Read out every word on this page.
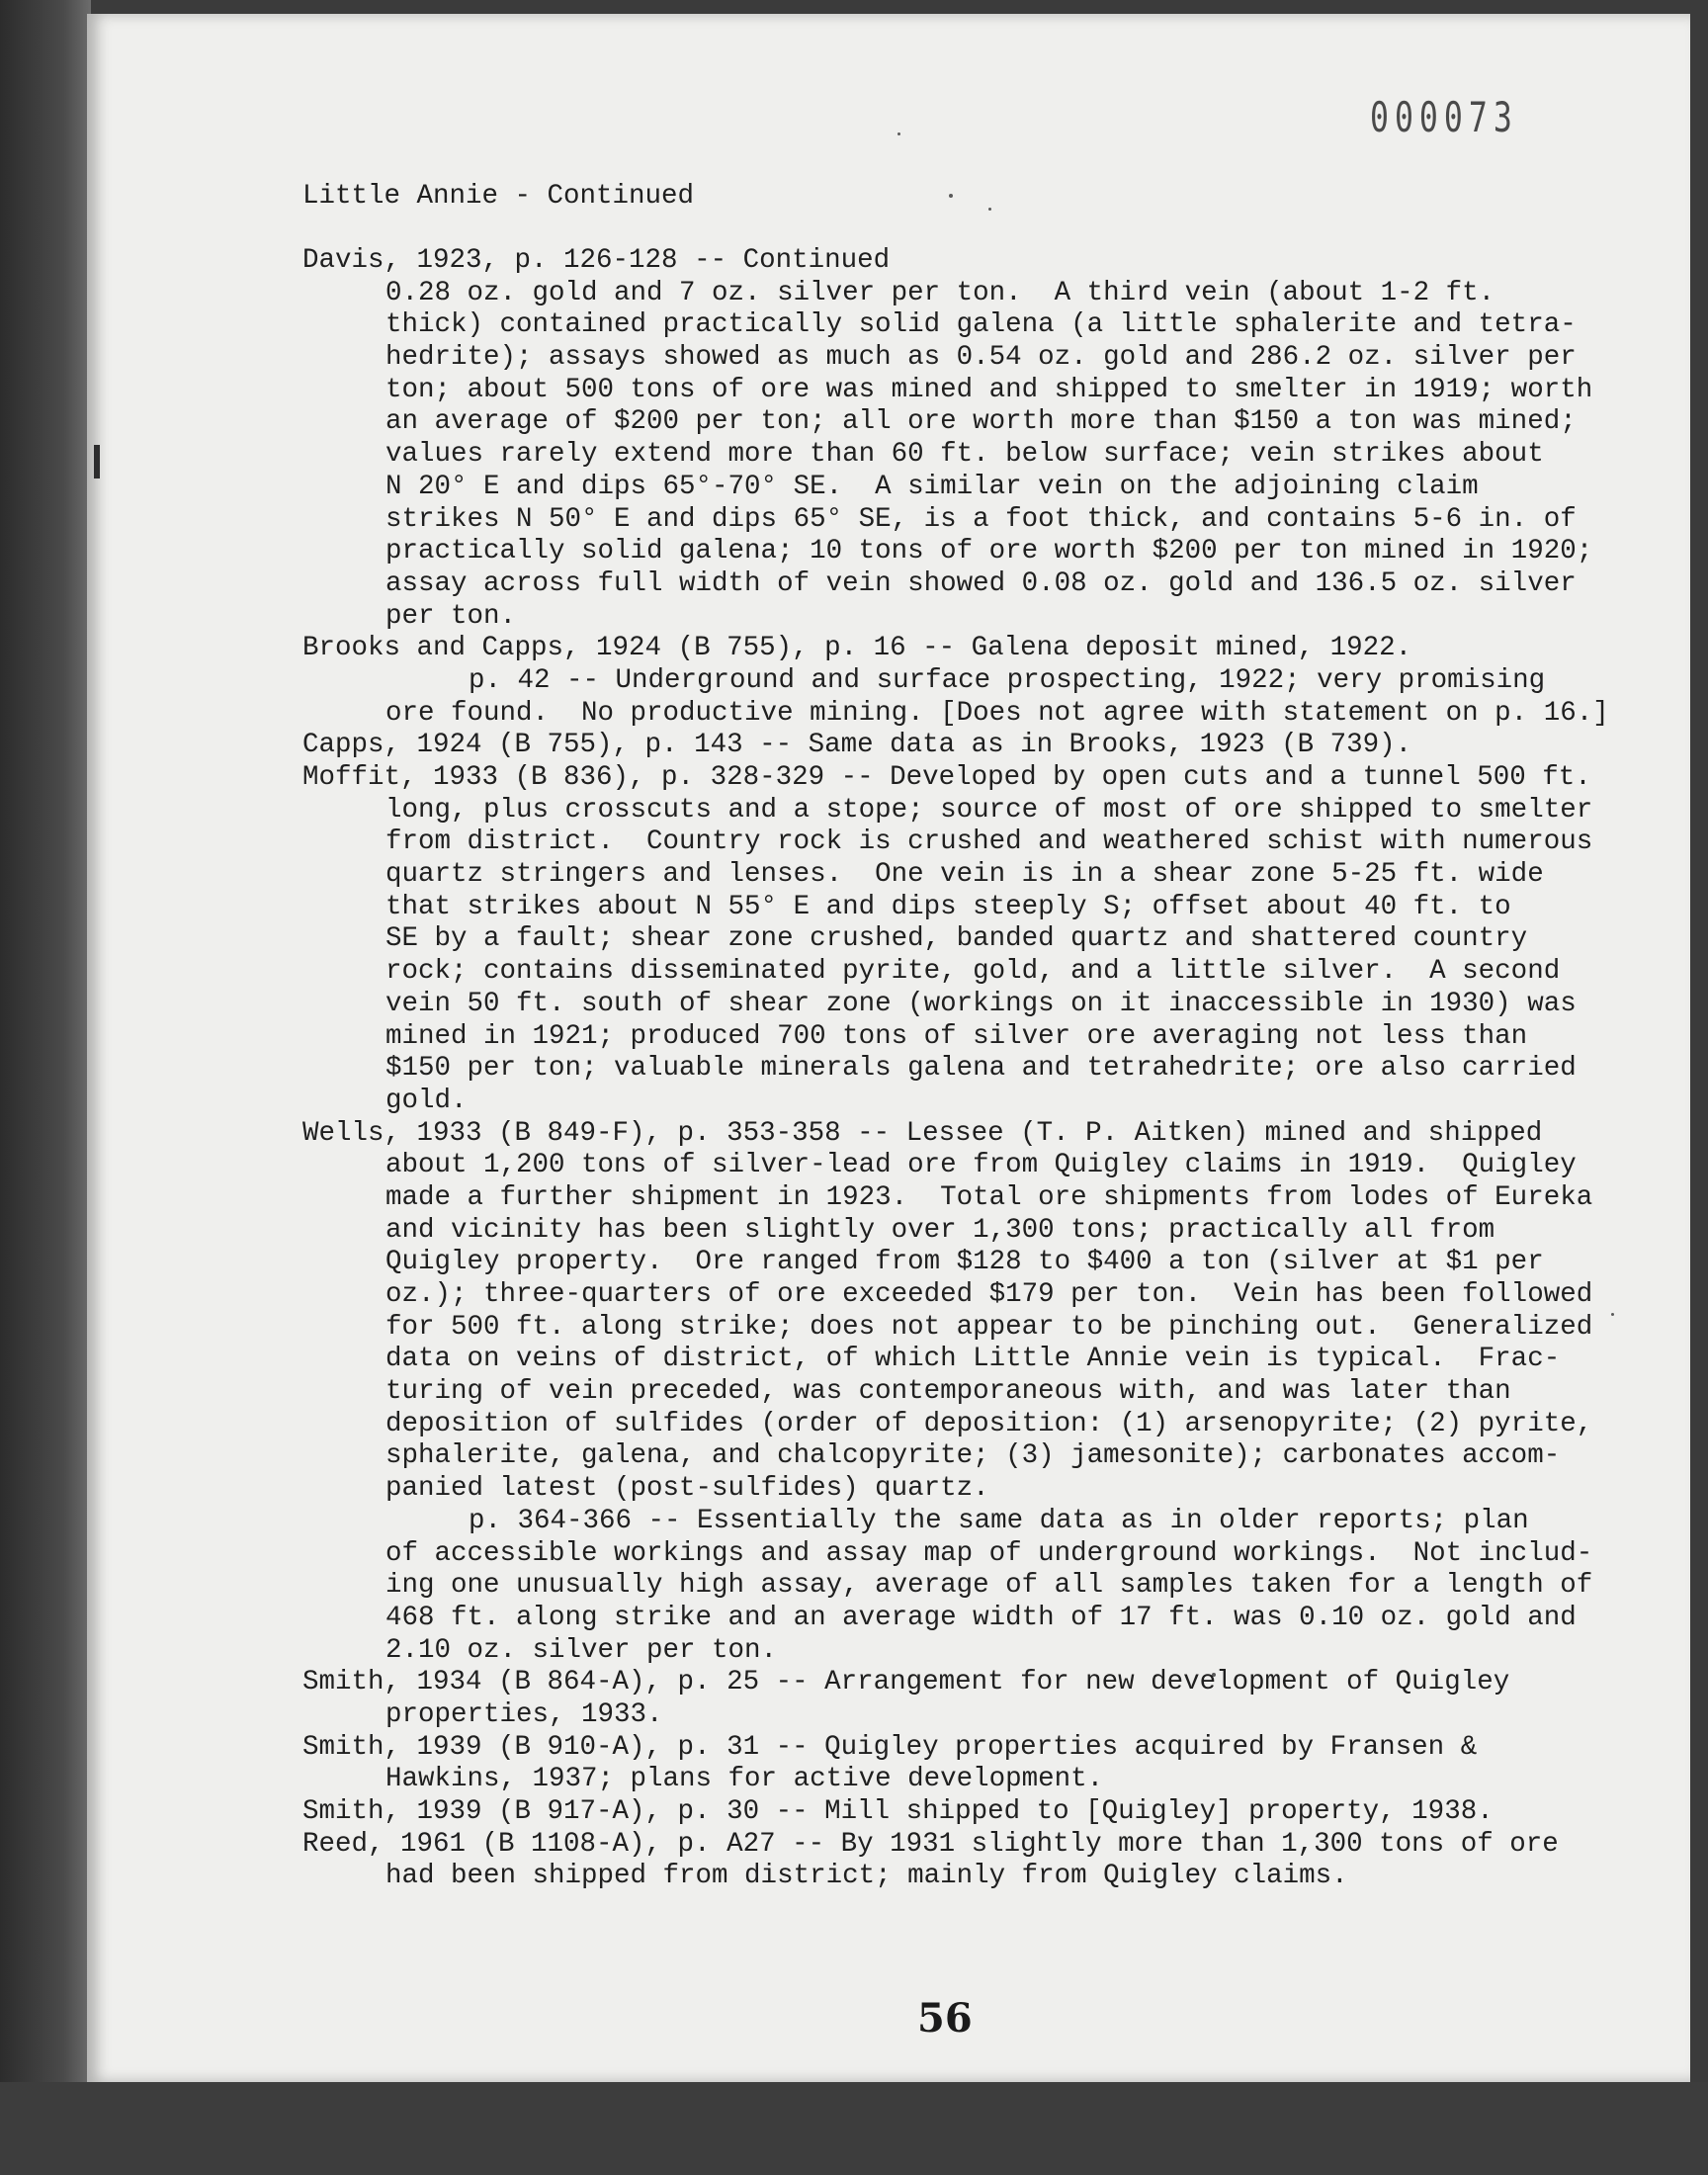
000073
Little Annie - Continued
Davis, 1923, p. 126-128 -- Continued
0.28 oz. gold and 7 oz. silver per ton.  A third vein (about 1-2 ft.
thick) contained practically solid galena (a little sphalerite and tetra-
hedrite); assays showed as much as 0.54 oz. gold and 286.2 oz. silver per
ton; about 500 tons of ore was mined and shipped to smelter in 1919; worth
an average of $200 per ton; all ore worth more than $150 a ton was mined;
values rarely extend more than 60 ft. below surface; vein strikes about
N 20° E and dips 65°-70° SE.  A similar vein on the adjoining claim
strikes N 50° E and dips 65° SE, is a foot thick, and contains 5-6 in. of
practically solid galena; 10 tons of ore worth $200 per ton mined in 1920;
assay across full width of vein showed 0.08 oz. gold and 136.5 oz. silver
per ton.
Brooks and Capps, 1924 (B 755), p. 16 -- Galena deposit mined, 1922.
p. 42 -- Underground and surface prospecting, 1922; very promising
ore found.  No productive mining. [Does not agree with statement on p. 16.]
Capps, 1924 (B 755), p. 143 -- Same data as in Brooks, 1923 (B 739).
Moffit, 1933 (B 836), p. 328-329 -- Developed by open cuts and a tunnel 500 ft.
long, plus crosscuts and a stope; source of most of ore shipped to smelter
from district.  Country rock is crushed and weathered schist with numerous
quartz stringers and lenses.  One vein is in a shear zone 5-25 ft. wide
that strikes about N 55° E and dips steeply S; offset about 40 ft. to
SE by a fault; shear zone crushed, banded quartz and shattered country
rock; contains disseminated pyrite, gold, and a little silver.  A second
vein 50 ft. south of shear zone (workings on it inaccessible in 1930) was
mined in 1921; produced 700 tons of silver ore averaging not less than
$150 per ton; valuable minerals galena and tetrahedrite; ore also carried
gold.
Wells, 1933 (B 849-F), p. 353-358 -- Lessee (T. P. Aitken) mined and shipped
about 1,200 tons of silver-lead ore from Quigley claims in 1919.  Quigley
made a further shipment in 1923.  Total ore shipments from lodes of Eureka
and vicinity has been slightly over 1,300 tons; practically all from
Quigley property.  Ore ranged from $128 to $400 a ton (silver at $1 per
oz.); three-quarters of ore exceeded $179 per ton.  Vein has been followed
for 500 ft. along strike; does not appear to be pinching out.  Generalized
data on veins of district, of which Little Annie vein is typical.  Frac-
turing of vein preceded, was contemporaneous with, and was later than
deposition of sulfides (order of deposition: (1) arsenopyrite; (2) pyrite,
sphalerite, galena, and chalcopyrite; (3) jamesonite); carbonates accom-
panied latest (post-sulfides) quartz.
p. 364-366 -- Essentially the same data as in older reports; plan
of accessible workings and assay map of underground workings.  Not includ-
ing one unusually high assay, average of all samples taken for a length of
468 ft. along strike and an average width of 17 ft. was 0.10 oz. gold and
2.10 oz. silver per ton.
Smith, 1934 (B 864-A), p. 25 -- Arrangement for new development of Quigley
properties, 1933.
Smith, 1939 (B 910-A), p. 31 -- Quigley properties acquired by Fransen &
Hawkins, 1937; plans for active development.
Smith, 1939 (B 917-A), p. 30 -- Mill shipped to [Quigley] property, 1938.
Reed, 1961 (B 1108-A), p. A27 -- By 1931 slightly more than 1,300 tons of ore
had been shipped from district; mainly from Quigley claims.
56
